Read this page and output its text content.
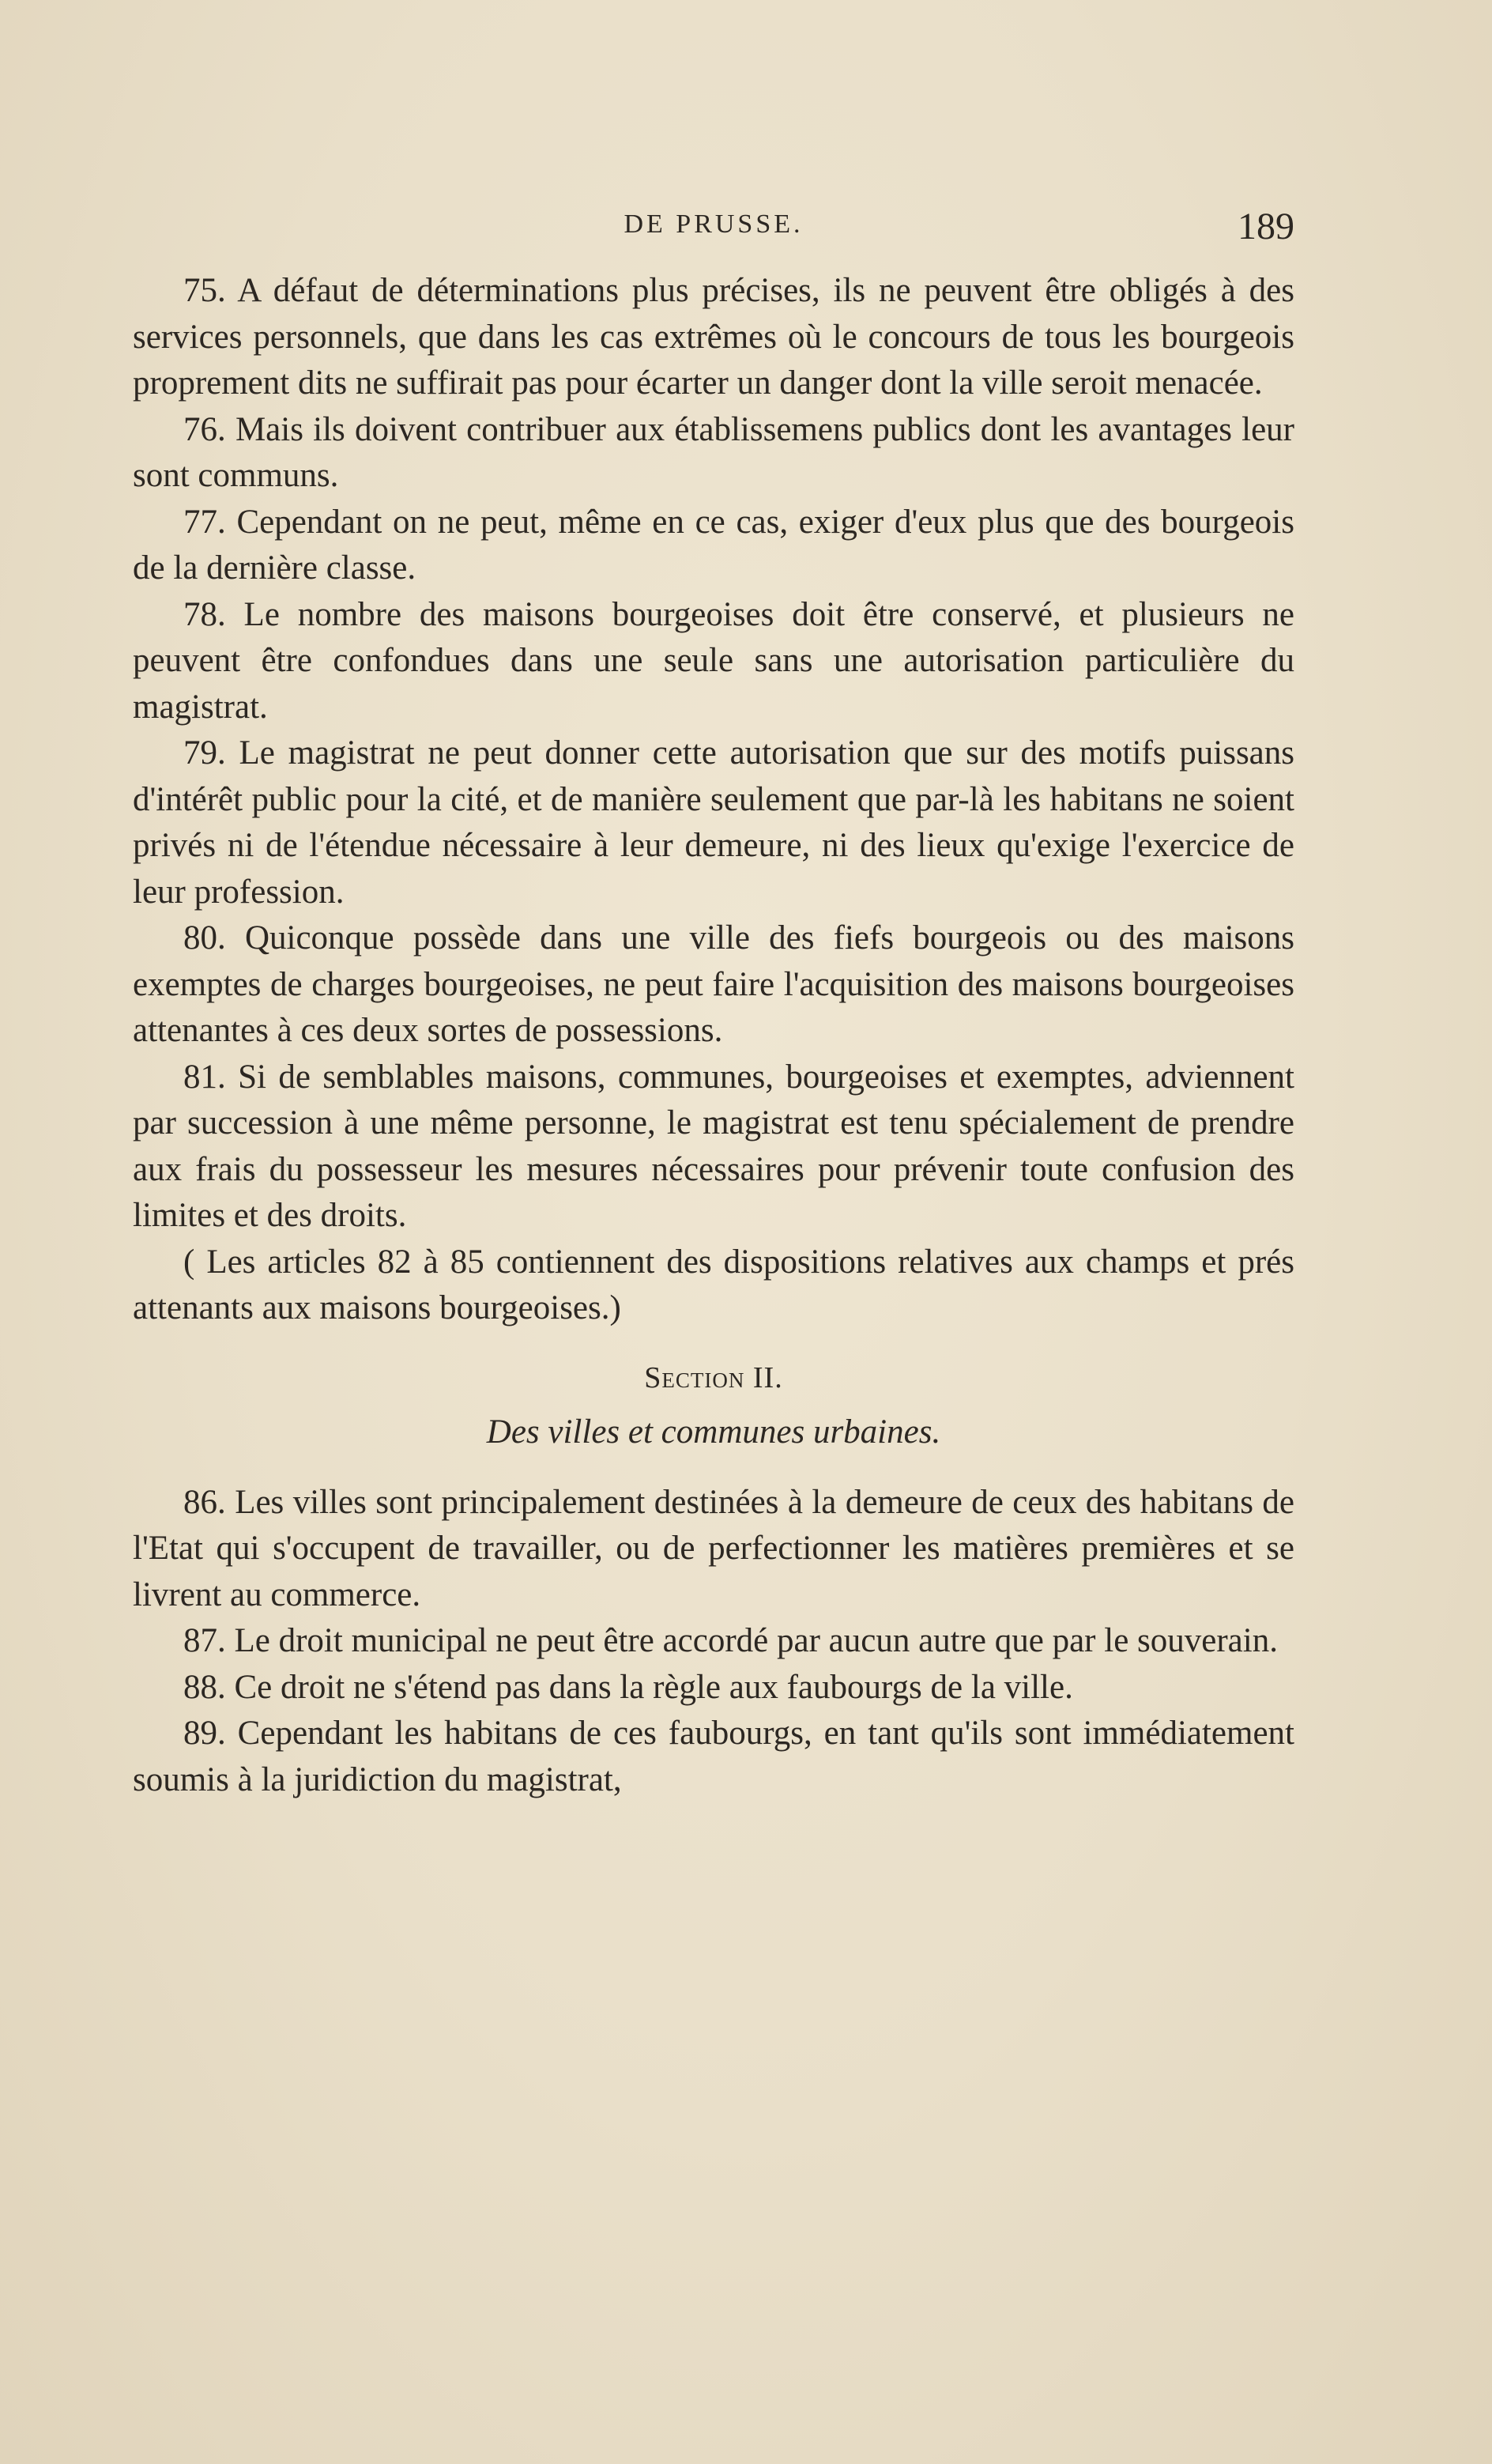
DE PRUSSE.	189

75. A défaut de déterminations plus précises, ils ne peuvent être obligés à des services personnels, que dans les cas extrêmes où le concours de tous les bourgeois proprement dits ne suffirait pas pour écarter un danger dont la ville seroit menacée.

76. Mais ils doivent contribuer aux établissemens publics dont les avantages leur sont communs.

77. Cependant on ne peut, même en ce cas, exiger d'eux plus que des bourgeois de la dernière classe.

78. Le nombre des maisons bourgeoises doit être conservé, et plusieurs ne peuvent être confondues dans une seule sans une autorisation particulière du magistrat.

79. Le magistrat ne peut donner cette autorisation que sur des motifs puissans d'intérêt public pour la cité, et de manière seulement que par-là les habitans ne soient privés ni de l'étendue nécessaire à leur demeure, ni des lieux qu'exige l'exercice de leur profession.

80. Quiconque possède dans une ville des fiefs bourgeois ou des maisons exemptes de charges bourgeoises, ne peut faire l'acquisition des maisons bourgeoises attenantes à ces deux sortes de possessions.

81. Si de semblables maisons, communes, bourgeoises et exemptes, adviennent par succession à une même personne, le magistrat est tenu spécialement de prendre aux frais du possesseur les mesures nécessaires pour prévenir toute confusion des limites et des droits.

( Les articles 82 à 85 contiennent des dispositions relatives aux champs et prés attenants aux maisons bourgeoises.)

Section II.
Des villes et communes urbaines.

86. Les villes sont principalement destinées à la demeure de ceux des habitans de l'Etat qui s'occupent de travailler, ou de perfectionner les matières premières et se livrent au commerce.

87. Le droit municipal ne peut être accordé par aucun autre que par le souverain.

88. Ce droit ne s'étend pas dans la règle aux faubourgs de la ville.

89. Cependant les habitans de ces faubourgs, en tant qu'ils sont immédiatement soumis à la juridiction du magistrat,
